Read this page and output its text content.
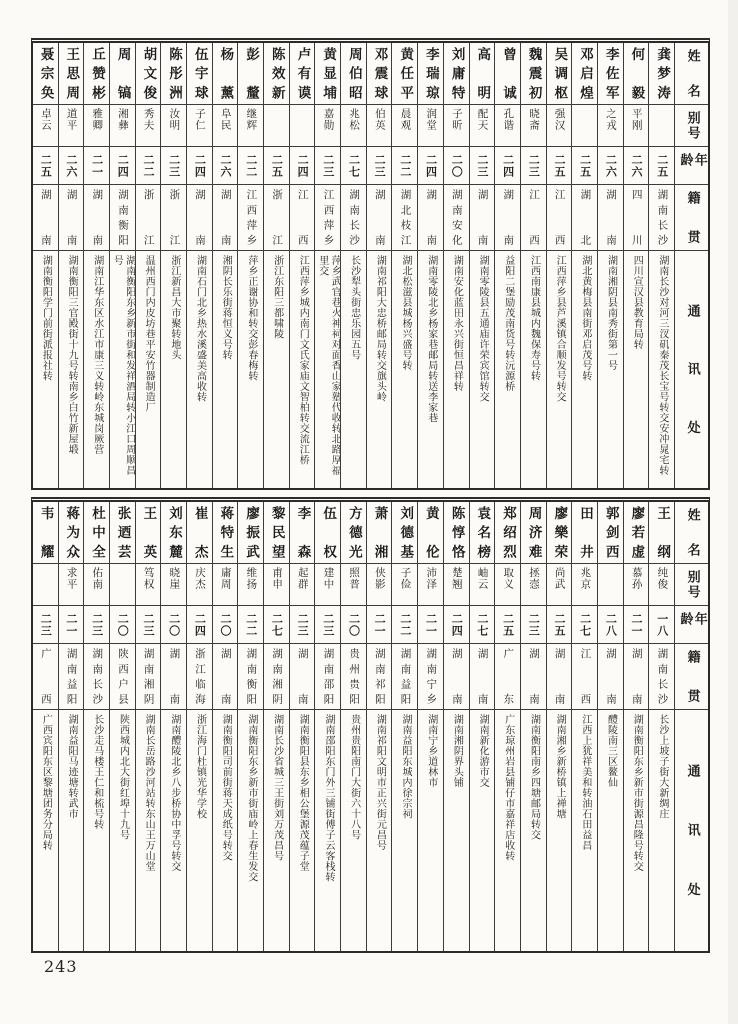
姓名
别号
年龄
籍贯
通讯处
龚梦涛
二五
湖南长沙
湖南长沙对河三汊矶秦茂长宝号转交安冲晁宅转
何毅
平刚
二六
四川
四川宣汉县教育局转
李佐军
之戎
二六
湖南
湖南湘阴县南秀街第一号
邓启煌
二五
湖北
湖北黄梅县南街邓启茂号转
吴调枢
强汉
二五
江西
江西萍乡县芦溪镇合顺发号转交
魏震初
晓斋
二三
江西
江西南康县城内魏保寿号转
曾诚
孔谐
二四
湖南
益阳二堡励茂南货号转沅源桥
高明
配天
二三
湖南
湖南零陵县五通庙许荣宾馆转交
刘庸特
子昕
二〇
湖南安化
湖南安化蓝田永兴街恒昌祥转
李瑞琼
润堂
二四
湖南
湖南零陵北乡杨家巷邮局转送李家巷
黄任平
晨观
二二
湖北枝江
湖北松滋县城杨兴盛号转
邓震球
伯英
二三
湖南
湖南祁阳大忠桥邮局转交旗头岭
周伯昭
兆松
二七
湖南长沙
长沙犁头街忠乐园五号
黄显埔
嘉勋
二三
江西萍乡
萍乡武官巷火神祠对面香山家塾代收转北路厚福里交
卢有谟
二四
江西
江西萍乡城内南门文氏家庙文智柏转交流江桥
陈效新
二五
浙江
浙江东阳三都啸陵
彭釐
继辉
二二
江西萍乡
萍乡正谢协和转交彭春梅转
杨薰
阜民
二六
湖南
湘阴长乐街蒋恒义号转
伍宇球
子仁
二四
湖南
湖南石门北乡热水溪盛美高收转
陈彤洲
汝明
二三
浙江
浙江新昌大市聚转地头
胡文俊
秀夫
二二
浙江
温州西门内皮坊巷平安竹器制造厂
周镐
湘彝
二四
湖南衡阳
湖南衡阳东乡新市街和发祥酒局转小江口周顺昌号
丘赞彬
雅卿
二一
湖南
湖南江华东区水江市康三义转岭东城岗厥营
王思周
道平
二六
湖南
湖南衡阳三官殿街十九号转南乡白竹新屋塅
聂宗奂
卓云
二五
湖南
湖南衡阳学门前街派报社转
姓名
别号
年龄
籍贯
通讯处
王纲
纯俊
一八
湖南长沙
长沙上坡子街大新绸庄
廖若虚
慕孙
二一
湖南
湖南衡阳东乡新市街源昌隆号转交
郭剑西
二八
湖南
醴陵南三区鳌仙
田井
兆京
二七
江西
江西上犹祥美和转油石田益昌
廖樂荣
尚武
二五
湖南
湖南湘乡新桥镇上禅塘
周济难
拯悫
二三
湖南
湖南衡阳南乡四塘邮局转交
郑绍烈
取义
二五
广东
广东琼州岩县铺仔市嘉祥店收转
袁名榜
岫云
二七
湖南
湖南新化游市交
陈惇恪
楚翘
二四
湖南
湖南湘阴界头铺
黄伦
沛泽
二一
湖南宁乡
湖南宁乡道林市
刘德基
子俭
二二
湖南益阳
湖南益阳东城内徐宗祠
萧湘
侠影
二一
湖南祁阳
湖南祁阳文明市正兴街元昌号
方德光
照普
二〇
贵州贵阳
贵州贵阳南门大街六十八号
伍权
建中
二三
湖南邵阳
湖南邵阳东门外三铺街傅子云客栈转
李森
起群
二三
湖南
湖南衡阳县东乡相公堡源茂蕴子堂
黎民望
甫申
二七
湖南湘阴
湖南长沙省城三王街刘万茂昌号
廖振武
维扬
二二
湖南衡阳
湖南衡阳东乡新市街庙岭上春生发交
蒋特生
庸周
二〇
湖南
湖南衡阳司前街蒋天成纸号转交
崔杰
庆杰
二四
浙江临海
浙江海门杜镇光华学校
刘东麓
晓崖
二〇
湖南
湖南醴陵北乡八步桥协中孚号转交
王英
笃权
二三
湖南湘阴
湖南长岳路沙河站转东山王万山堂
张迺芸
二〇
陕西户县
陕西城内北大街红埠十九号
杜中全
佑南
二三
湖南长沙
长沙走马楼王仁和梳号转
蒋为众
求平
二一
湖南益阳
湖南益阳马迹塘转武市
韦耀
二三
广西
广西宾阳东区黎塘团务分局转
243
